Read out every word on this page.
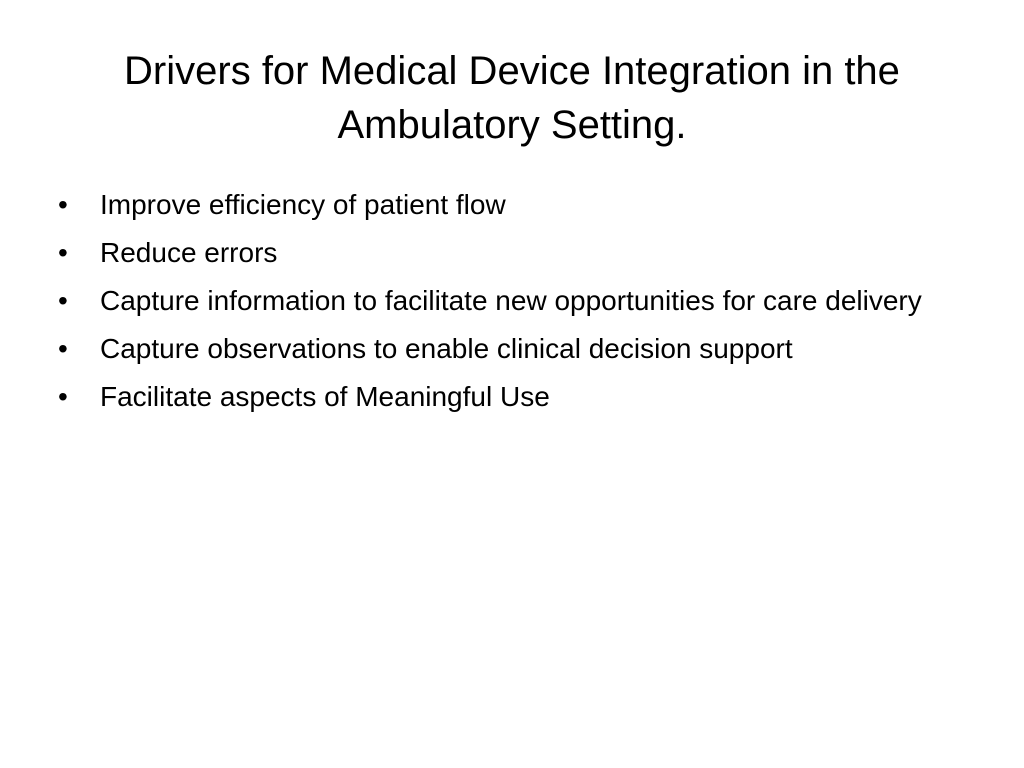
Drivers for Medical Device Integration in the Ambulatory Setting.
•	Improve efficiency of patient flow
•	Reduce errors
•	Capture information to facilitate new opportunities for care delivery
•	Capture observations to enable clinical decision support
•	Facilitate aspects of Meaningful Use
